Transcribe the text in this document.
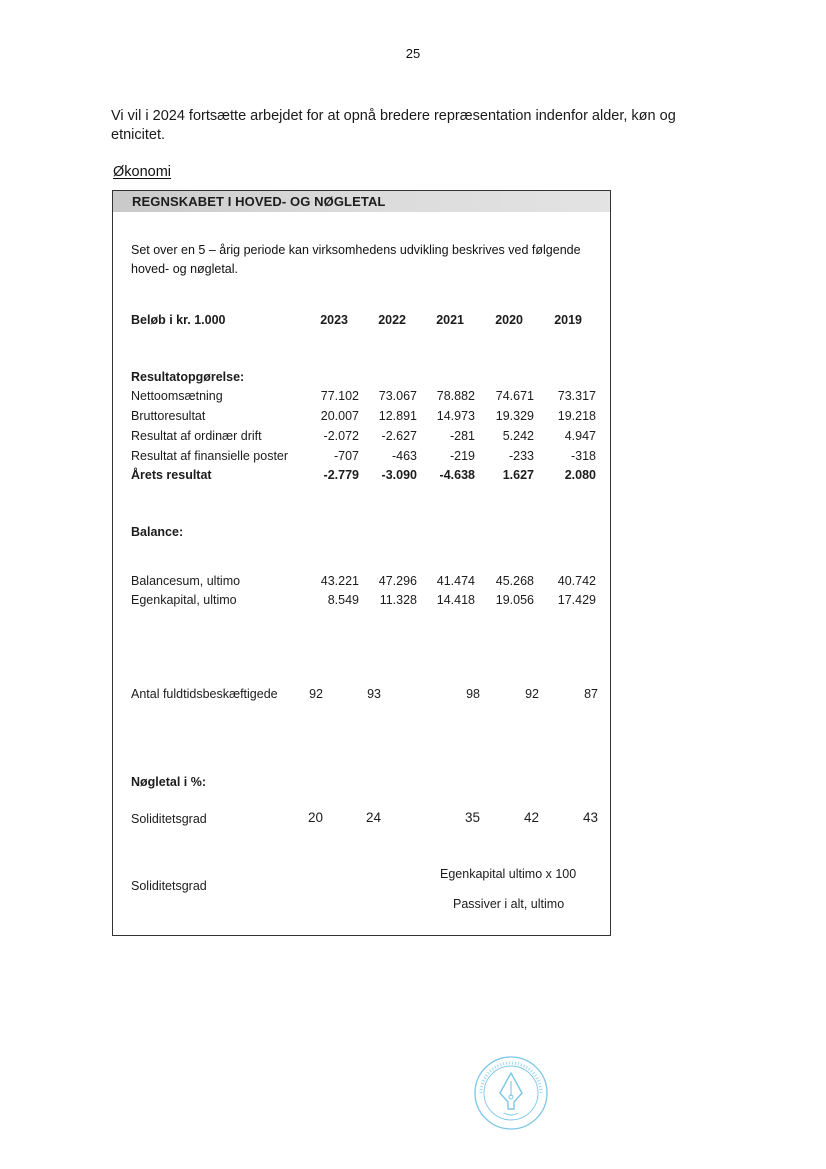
25
Vi vil i 2024 fortsætte arbejdet for at opnå bredere repræsentation indenfor alder, køn og etnicitet.
Økonomi
REGNSKABET I HOVED- OG NØGLETAL
Set over en 5 – årig periode kan virksomhedens udvikling beskrives ved følgende hoved- og nøgletal.
Beløb i kr. 1.000	2023	2022	2021	2020	2019
Resultatopgørelse:
Nettoomsætning	77.102	73.067	78.882	74.671	73.317
Bruttoresultat	20.007	12.891	14.973	19.329	19.218
Resultat af ordinær drift	-2.072	-2.627	-281	5.242	4.947
Resultat af finansielle poster	-707	-463	-219	-233	-318
Årets resultat	-2.779	-3.090	-4.638	1.627	2.080
Balance:
Balancesum, ultimo	43.221	47.296	41.474	45.268	40.742
Egenkapital, ultimo	8.549	11.328	14.418	19.056	17.429
Antal fuldtidsbeskæftigede	92	93	98	92	87
Nøgletal i %:
Soliditetsgrad	20	24	35	42	43
Soliditetsgrad
Egenkapital ultimo x 100
Passiver i alt, ultimo
